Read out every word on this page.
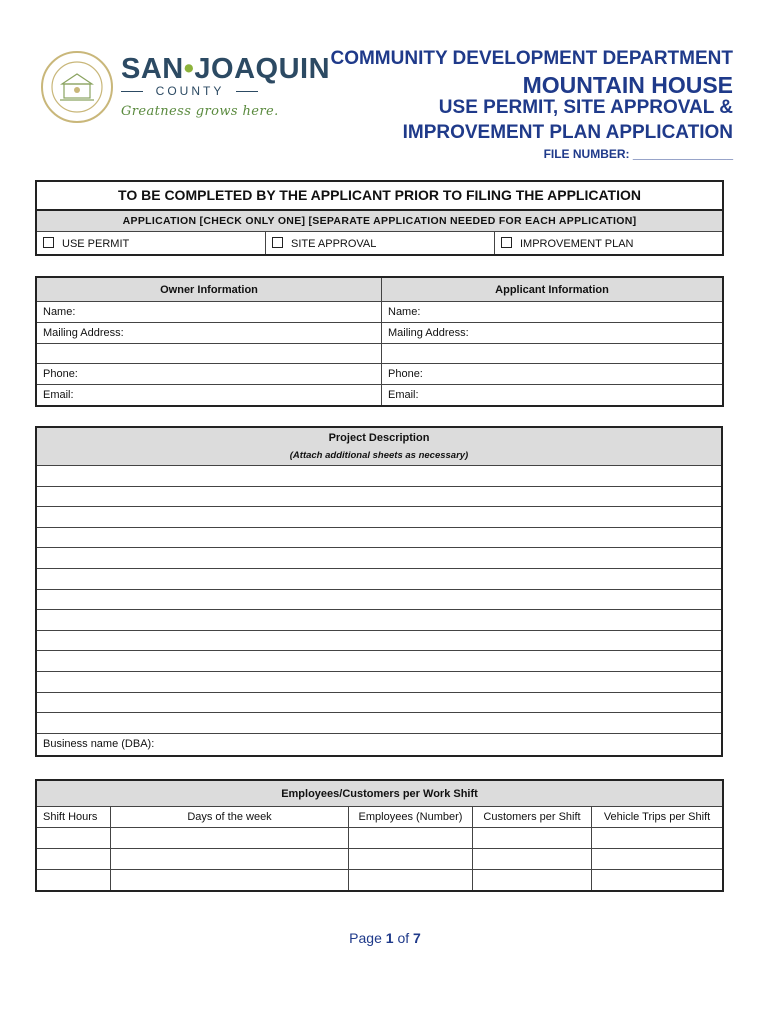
SAN•JOAQUIN
COUNTY
Greatness grows here.
COMMUNITY DEVELOPMENT DEPARTMENT
MOUNTAIN HOUSE
USE PERMIT, SITE APPROVAL &
IMPROVEMENT PLAN APPLICATION
FILE NUMBER: _______________
TO BE COMPLETED BY THE APPLICANT PRIOR TO FILING THE APPLICATION
APPLICATION [CHECK ONLY ONE] [SEPARATE APPLICATION NEEDED FOR EACH APPLICATION]
USE PERMIT	SITE APPROVAL	IMPROVEMENT PLAN
Owner Information	Applicant Information
Name:	Name:
Mailing Address:	Mailing Address:

Phone:	Phone:
Email:	Email:
Project Description
(Attach additional sheets as necessary)

Business name (DBA):
Employees/Customers per Work Shift				
Shift Hours	Days of the week	Employees (Number)	Customers per Shift	Vehicle Trips per Shift

Page 1 of 7
